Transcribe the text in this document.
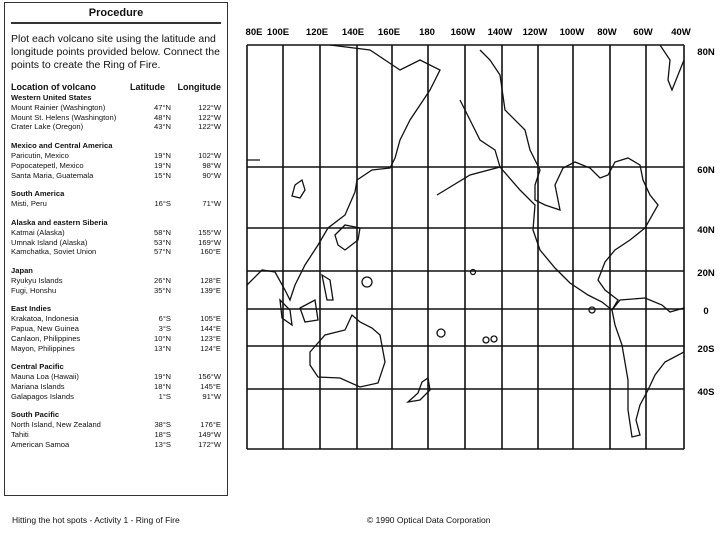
Procedure
Plot each volcano site using the latitude and longitude points provided below. Connect the points to create the Ring of Fire.
Location of volcano	Latitude	Longitude
Western United States
Mount Rainier (Washington)	47°N	122°W
Mount St. Helens (Washington)	48°N	122°W
Crater Lake (Oregon)	43°N	122°W
Mexico and Central America
Paricutin, Mexico	19°N	102°W
Popocatepetl, Mexico	19°N	98°W
Santa Maria, Guatemala	15°N	90°W
South America
Misti, Peru	16°S	71°W
Alaska and eastern Siberia
Katmai (Alaska)	58°N	155°W
Umnak Island (Alaska)	53°N	169°W
Kamchatka, Soviet Union	57°N	160°E
Japan
Ryukyu Islands	26°N	128°E
Fugi, Honshu	35°N	139°E
East Indies
Krakatoa, Indonesia	6°S	105°E
Papua, New Guinea	3°S	144°E
Canlaon, Philippines	10°N	123°E
Mayon, Philippines	13°N	124°E
Central Pacific
Mauna Loa (Hawaii)	19°N	156°W
Mariana Islands	18°N	145°E
Galapagos Islands	1°S	91°W
South Pacific
North Island, New Zealand	38°S	176°E
Tahiti	18°S	149°W
American Samoa	13°S	172°W
80E 100E 120E 140E 160E 180 160W 140W 120W 100W 80W 60W 40W
80N
60N
40N
20N
0
20S
40S
Hitting the hot spots - Activity 1 - Ring of Fire	© 1990 Optical Data Corporation
